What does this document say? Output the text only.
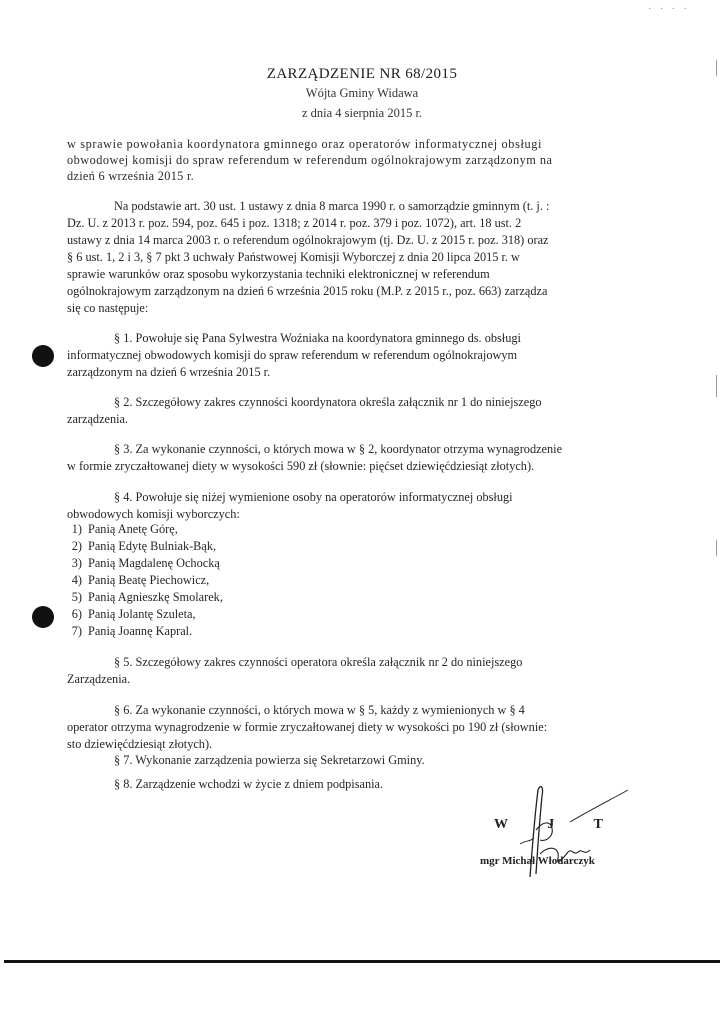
· · · ·
ZARZĄDZENIE NR 68/2015
Wójta Gminy Widawa
z dnia 4 sierpnia 2015 r.
w sprawie powołania koordynatora gminnego oraz operatorów informatycznej obsługi
obwodowej komisji do spraw referendum w referendum ogólnokrajowym zarządzonym na
dzień 6 września 2015 r.
Na podstawie art. 30 ust. 1 ustawy z dnia 8 marca 1990 r. o samorządzie gminnym (t. j. :
Dz. U. z 2013 r. poz. 594, poz. 645 i poz. 1318; z 2014 r. poz. 379 i poz. 1072), art. 18 ust. 2
ustawy z dnia 14 marca 2003 r. o referendum ogólnokrajowym (tj. Dz. U. z 2015 r. poz. 318) oraz
§ 6 ust. 1, 2 i 3, § 7 pkt 3 uchwały Państwowej Komisji Wyborczej z dnia 20 lipca 2015 r. w
sprawie warunków oraz sposobu wykorzystania techniki elektronicznej w referendum
ogólnokrajowym zarządzonym na dzień 6 września 2015 roku (M.P. z 2015 r., poz. 663) zarządza
się co następuje:
§ 1. Powołuje się Pana Sylwestra Woźniaka na koordynatora gminnego ds. obsługi
informatycznej obwodowych komisji do spraw referendum w referendum ogólnokrajowym
zarządzonym na dzień 6 września 2015 r.
§ 2. Szczegółowy zakres czynności koordynatora określa załącznik nr 1 do niniejszego
zarządzenia.
§ 3. Za wykonanie czynności, o których mowa w § 2, koordynator otrzyma wynagrodzenie
w formie zryczałtowanej diety w wysokości 590 zł (słownie: pięćset dziewięćdziesiąt złotych).
§ 4. Powołuje się niżej wymienione osoby na operatorów informatycznej obsługi
obwodowych komisji wyborczych:
1) Panią Anetę Górę,
2) Panią Edytę Bulniak-Bąk,
3) Panią Magdalenę Ochocką
4) Panią Beatę Piechowicz,
5) Panią Agnieszkę Smolarek,
6) Panią Jolantę Szuleta,
7) Panią Joannę Kapral.
§ 5. Szczegółowy zakres czynności operatora określa załącznik nr 2 do niniejszego
Zarządzenia.
§ 6. Za wykonanie czynności, o których mowa w § 5, każdy z wymienionych w § 4
operator otrzyma wynagrodzenie w formie zryczałtowanej diety w wysokości po 190 zł (słownie:
sto dziewięćdziesiąt złotych).
§ 7. Wykonanie zarządzenia powierza się Sekretarzowi Gminy.
§ 8. Zarządzenie wchodzi w życie z dniem podpisania.
W J T
mgr Michał Włodarczyk
